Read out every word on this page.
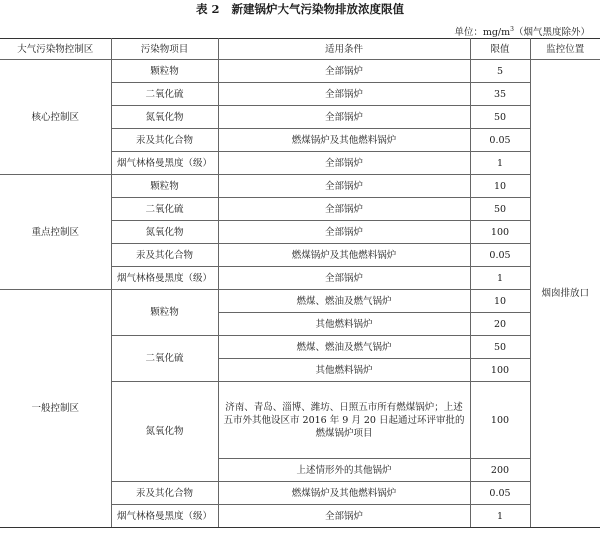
表 2 新建锅炉大气污染物排放浓度限值
单位：$mg/m^3$（烟气黑度除外）
大气污染物控制区	污染物项目	适用条件	限值	监控位置
核心控制区	颗粒物	全部锅炉	5	烟囱排放口
	二氧化硫	全部锅炉	35	
	氮氧化物	全部锅炉	50	
	汞及其化合物	燃煤锅炉及其他燃料锅炉	0.05	
	烟气林格曼黑度（级）	全部锅炉	1	
重点控制区	颗粒物	全部锅炉	10	
	二氧化硫	全部锅炉	50	
	氮氧化物	全部锅炉	100	
	汞及其化合物	燃煤锅炉及其他燃料锅炉	0.05	
	烟气林格曼黑度（级）	全部锅炉	1	
一般控制区	颗粒物	燃煤、燃油及燃气锅炉	10	
		其他燃料锅炉	20	
	二氧化硫	燃煤、燃油及燃气锅炉	50	
		其他燃料锅炉	100	
	氮氧化物	济南、青岛、淄博、潍坊、日照五市所有燃煤锅炉；上述五市外其他设区市 2016 年 9 月 20 日起通过环评审批的燃煤锅炉项目	100	
		上述情形外的其他锅炉	200	
	汞及其化合物	燃煤锅炉及其他燃料锅炉	0.05	
	烟气林格曼黑度（级）	全部锅炉	1	
